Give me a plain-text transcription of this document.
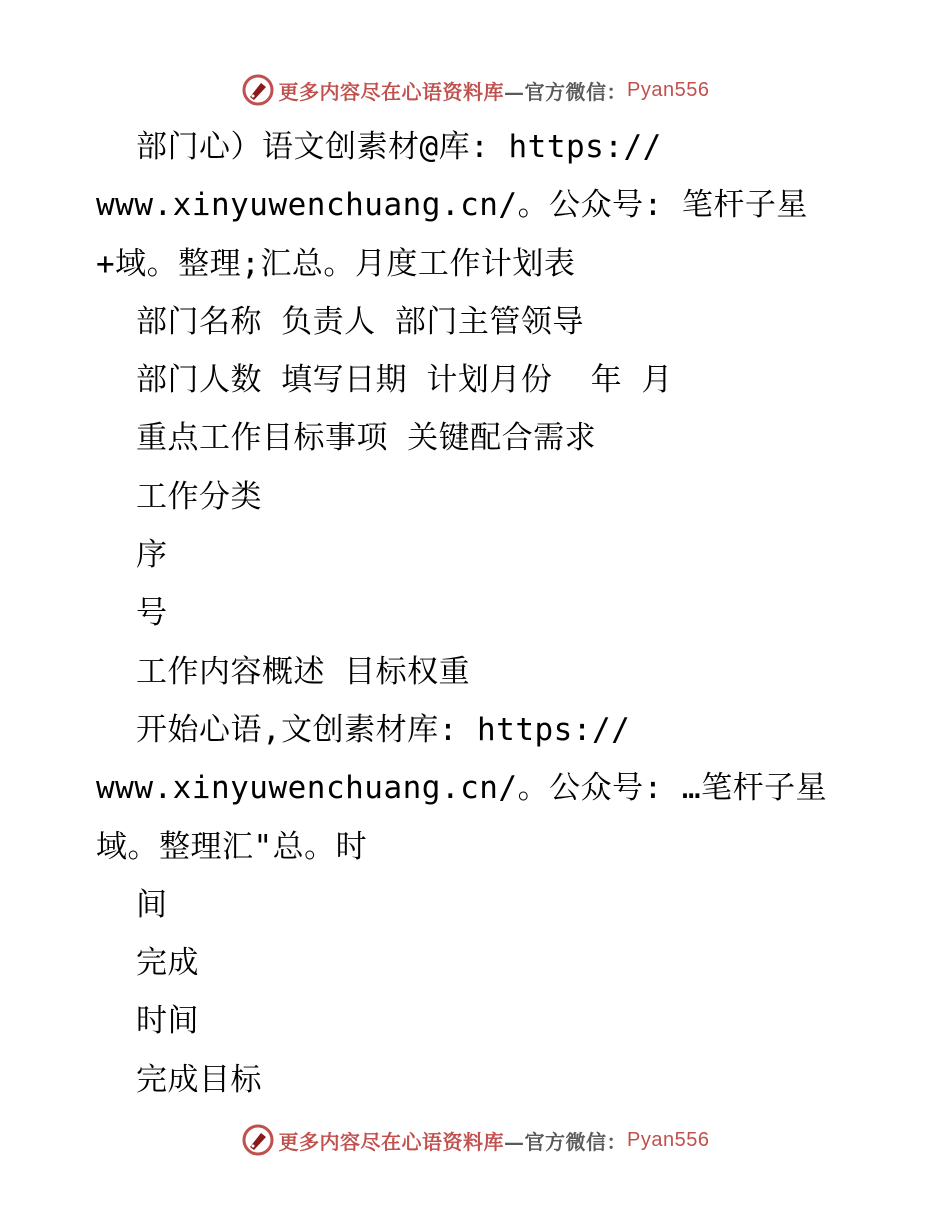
更多内容尽在心语资料库 —官方微信： Pyan556
部门心）语文创素材@库: https://
www.xinyuwenchuang.cn/。公众号: 笔杆子星
+域。整理;汇总。月度工作计划表
部门名称 负责人 部门主管领导
部门人数 填写日期 计划月份  年 月
重点工作目标事项 关键配合需求
工作分类
序
号
工作内容概述 目标权重
开始心语,文创素材库: https://
www.xinyuwenchuang.cn/。公众号: …笔杆子星
域。整理汇"总。时
间
完成
时间
完成目标
更多内容尽在心语资料库 —官方微信： Pyan556
